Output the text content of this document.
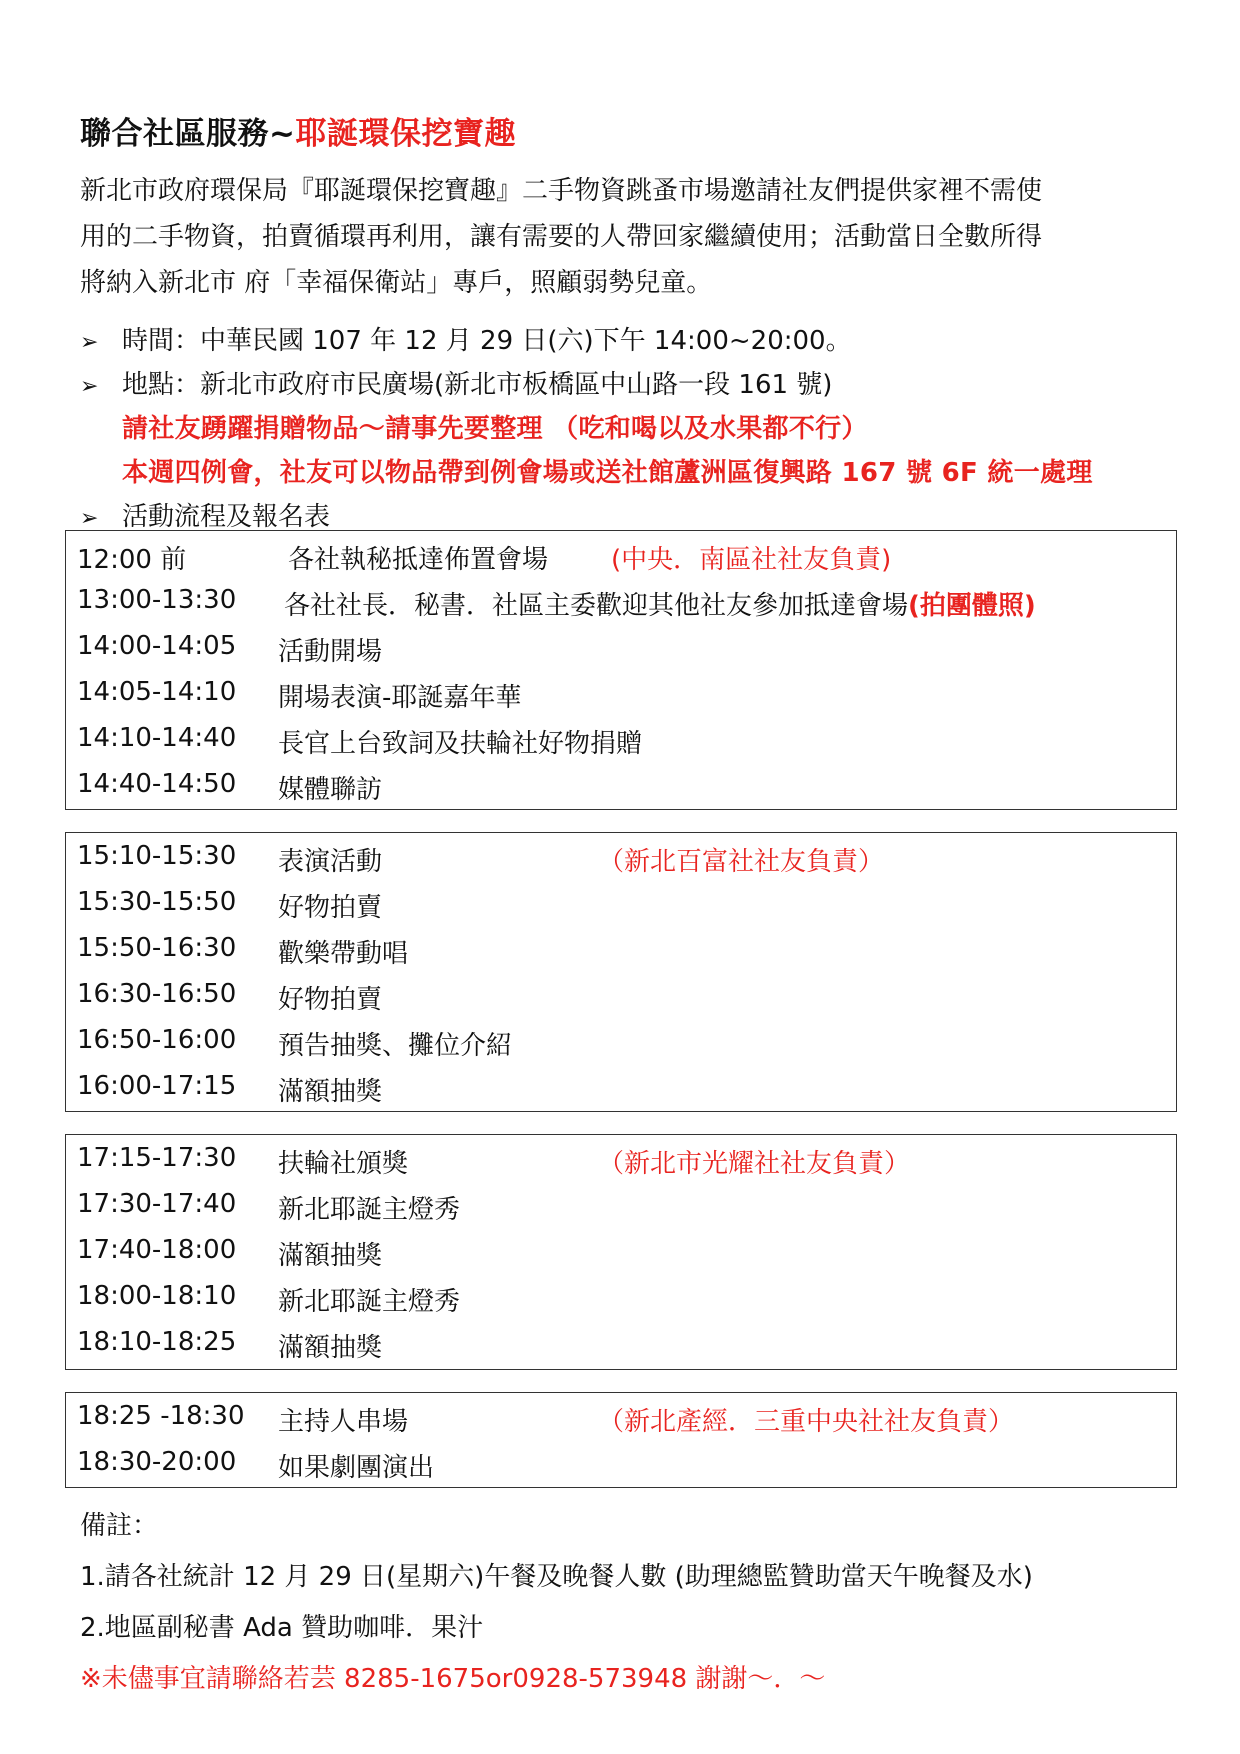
聯合社區服務~耶誕環保挖寶趣

新北市政府環保局『耶誕環保挖寶趣』二手物資跳蚤市場邀請社友們提供家裡不需使

用的二手物資，拍賣循環再利用，讓有需要的人帶回家繼續使用；活動當日全數所得

將納入新北市 府「幸福保衛站」專戶，照顧弱勢兒童。

➢ 時間：中華民國 107 年 12 月 29 日(六)下午 14:00~20:00。
➢ 地點：新北市政府市民廣場(新北市板橋區中山路一段 161 號)
請社友踴躍捐贈物品～請事先要整理 （吃和喝以及水果都不行）
本週四例會，社友可以物品帶到例會場或送社館蘆洲區復興路 167 號 6F 統一處理
➢ 活動流程及報名表
12:00 前	各社執秘抵達佈置會場 (中央．南區社社友負責)
13:00-13:30 各社社長．秘書．社區主委歡迎其他社友參加抵達會場(拍團體照)
14:00-14:05 活動開場
14:05-14:10 開場表演-耶誕嘉年華
14:10-14:40 長官上台致詞及扶輪社好物捐贈
14:40-14:50 媒體聯訪
15:10-15:30 表演活動	（新北百富社社友負責）
15:30-15:50 好物拍賣
15:50-16:30 歡樂帶動唱
16:30-16:50 好物拍賣
16:50-16:00 預告抽獎、攤位介紹
16:00-17:15 滿額抽獎
17:15-17:30 扶輪社頒獎	（新北市光耀社社友負責）
17:30-17:40 新北耶誕主燈秀
17:40-18:00 滿額抽獎
18:00-18:10 新北耶誕主燈秀
18:10-18:25 滿額抽獎
18:25 -18:30 主持人串場	（新北產經．三重中央社社友負責）
18:30-20:00 如果劇團演出
備註：
1.請各社統計 12 月 29 日(星期六)午餐及晚餐人數 (助理總監贊助當天午晚餐及水)
2.地區副秘書 Ada 贊助咖啡．果汁
※未儘事宜請聯絡若芸 8285-1675or0928-573948 謝謝～．～
